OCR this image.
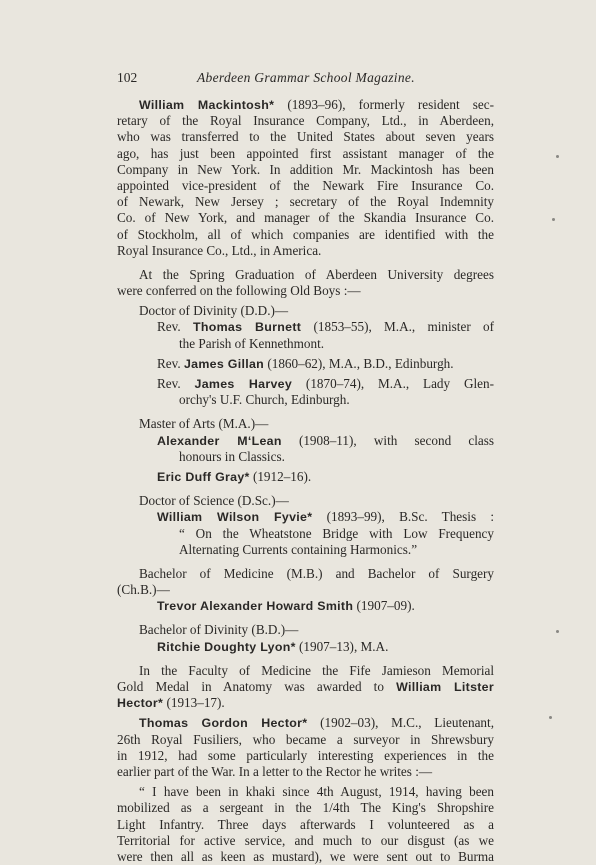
102	Aberdeen Grammar School Magazine.
William Mackintosh* (1893–96), formerly resident sec-
retary of the Royal Insurance Company, Ltd., in Aberdeen,
who was transferred to the United States about seven years
ago, has just been appointed first assistant manager of the
Company in New York. In addition Mr. Mackintosh has been
appointed vice-president of the Newark Fire Insurance Co.
of Newark, New Jersey ; secretary of the Royal Indemnity
Co. of New York, and manager of the Skandia Insurance Co.
of Stockholm, all of which companies are identified with the
Royal Insurance Co., Ltd., in America.
At the Spring Graduation of Aberdeen University degrees
were conferred on the following Old Boys :—
Doctor of Divinity (D.D.)—
Rev. Thomas Burnett (1853–55), M.A., minister of
the Parish of Kennethmont.
Rev. James Gillan (1860–62), M.A., B.D., Edinburgh.
Rev. James Harvey (1870–74), M.A., Lady Glen-
orchy's U.F. Church, Edinburgh.
Master of Arts (M.A.)—
Alexander M‘Lean (1908–11), with second class
honours in Classics.
Eric Duff Gray* (1912–16).
Doctor of Science (D.Sc.)—
William Wilson Fyvie* (1893–99), B.Sc. Thesis :
“ On the Wheatstone Bridge with Low Frequency
Alternating Currents containing Harmonics.”
Bachelor of Medicine (M.B.) and Bachelor of Surgery
(Ch.B.)—
Trevor Alexander Howard Smith (1907–09).
Bachelor of Divinity (B.D.)—
Ritchie Doughty Lyon* (1907–13), M.A.
In the Faculty of Medicine the Fife Jamieson Memorial
Gold Medal in Anatomy was awarded to William Litster
Hector* (1913–17).
Thomas Gordon Hector* (1902–03), M.C., Lieutenant,
26th Royal Fusiliers, who became a surveyor in Shrewsbury
in 1912, had some particularly interesting experiences in the
earlier part of the War. In a letter to the Rector he writes :—
“ I have been in khaki since 4th August, 1914, having been
mobilized as a sergeant in the 1/4th The King's Shropshire
Light Infantry. Three days afterwards I volunteered as a
Territorial for active service, and much to our disgust (as we
were then all as keen as mustard), we were sent out to Burma
